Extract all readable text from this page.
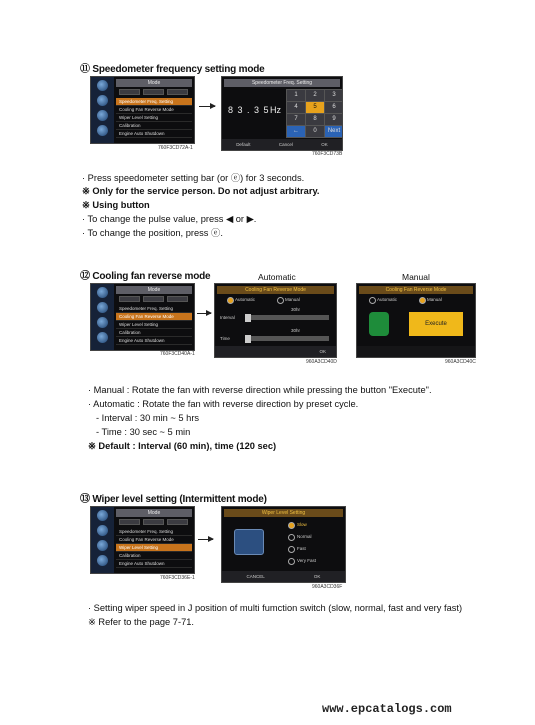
⑪ Speedometer frequency setting mode
Mode
Speedometer Freq. Setting
Cooling Fan Reverse Mode
Wiper Level Setting
Calibration
Engine Auto Shutdown
760F3CD72A-1
Speedometer Freq. Setting
8 3 . 3 5 Hz
1	2	3
4	5	6
7	8	9
←	0	Next
Default	Cancel	OK
760F3CD73B
· Press speedometer setting bar (or ⓔ) for 3 seconds.
※ Only for the service person. Do not adjust arbitrary.
※ Using button
· To change the pulse value, press ◀ or ▶.
· To change the position, press ⓔ.
⑫ Cooling fan reverse mode	Automatic	Manual
Mode
Speedometer Freq. Setting
Cooling Fan Reverse Mode
Wiper Level Setting
Calibration
Engine Auto Shutdown
760F3CD40A-1
Cooling Fan Reverse Mode
Automatic	Manual
Interval
30hr
Time
30hr
OK
960A3CD40D
Cooling Fan Reverse Mode
Automatic	Manual
Execute
960A3CD40C
· Manual : Rotate the fan with reverse direction while pressing the button "Execute".
· Automatic : Rotate the fan with reverse direction by preset cycle.
- Interval : 30 min ~ 5 hrs
- Time : 30 sec ~ 5 min
※ Default : Interval (60 min), time (120 sec)
⑬ Wiper level setting (Intermittent mode)
Mode
Speedometer Freq. Setting
Cooling Fan Reverse Mode
Wiper Level Setting
Calibration
Engine Auto Shutdown
760F3CD36E-1
Wiper Level Setting
Slow
Normal
Fast
Very Fast
CANCEL	OK
960A3CD36F
· Setting wiper speed in J position of multi fumction switch (slow, normal, fast and very fast)
※ Refer to the page 7-71.
www.epcatalogs.com
